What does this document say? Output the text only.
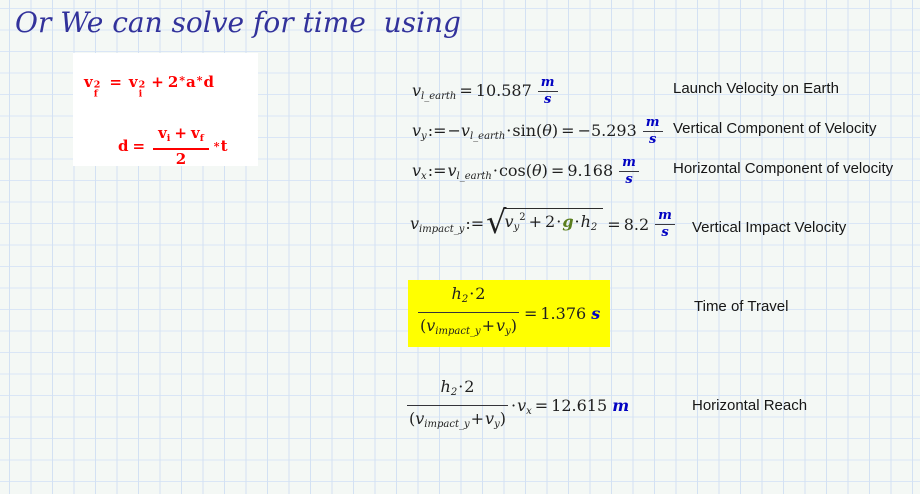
Or We can solve for time  using
v 2
f
= v 2
i
+ 2*a*d
$d = \frac{v_i + v_f}{2} * t$
$v_{l\_earth} = 10.587 \frac{m}{s}$
$v_y:=-v_{l\_earth}\cdot\sin(\theta) = -5.293 \frac{m}{s}$
$v_x:=v_{l\_earth}\cdot\cos(\theta) = 9.168 \frac{m}{s}$
$v_{impact\_y}:=$ √
$v_y^2 + 2\cdot g\cdot h_2 = 8.2 \frac{m}{s}$
$h_2\cdot 2$
$(v_{impact\_y}+v_y)$
= 1.376 s
$h_2\cdot 2$
$(v_{impact\_y}+v_y)$
$\cdot v_x = 12.615$ m
Launch Velocity on Earth
Vertical Component of Velocity
Horizontal Component of velocity
Vertical Impact Velocity
Time of Travel
Horizontal Reach
